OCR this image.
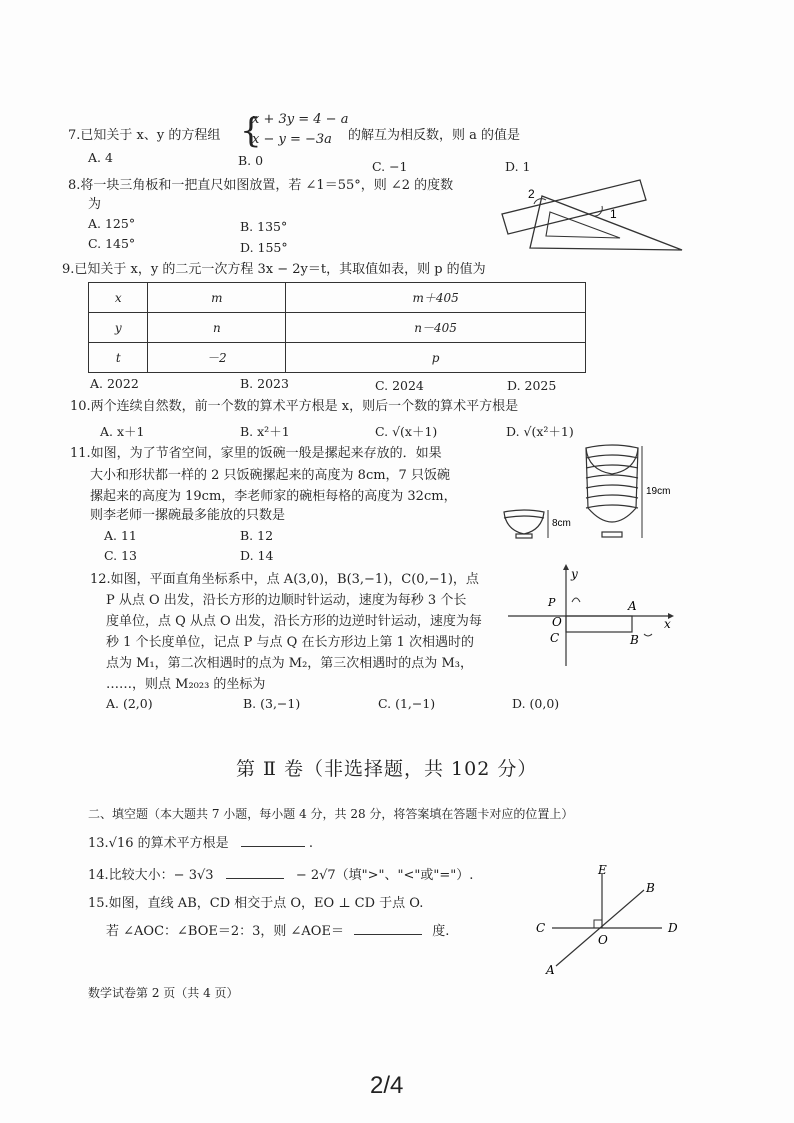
7.已知关于 x、y 的方程组 {
x + 3y = 4 − a
x − y = −3a 的解互为相反数，则 a 的值是
A. 4	B. 0	C. −1	D. 1
8.将一块三角板和一把直尺如图放置，若 ∠1＝55°，则 ∠2 的度数
为
A. 125°	B. 135°
C. 145°	D. 155°
2
1
9.已知关于 x，y 的二元一次方程 3x − 2y＝t，其取值如表，则 p 的值为
x	m	m＋405
y	n	n－405
t	－2	p
A. 2022	B. 2023	C. 2024	D. 2025
10.两个连续自然数，前一个数的算术平方根是 x，则后一个数的算术平方根是
A. x＋1	B. x²＋1	C. √(x＋1)	D. √(x²＋1)
11.如图，为了节省空间，家里的饭碗一般是摞起来存放的．如果
大小和形状都一样的 2 只饭碗摞起来的高度为 8cm，7 只饭碗
摞起来的高度为 19cm，李老师家的碗柜每格的高度为 32cm，
则李老师一摞碗最多能放的只数是
A. 11	B. 12
C. 13	D. 14
8cm
19cm
12.如图，平面直角坐标系中，点 A(3,0)，B(3,−1)，C(0,−1)，点
P 从点 O 出发，沿长方形的边顺时针运动，速度为每秒 3 个长
度单位，点 Q 从点 O 出发，沿长方形的边逆时针运动，速度为每
秒 1 个长度单位，记点 P 与点 Q 在长方形边上第 1 次相遇时的
点为 M₁，第二次相遇时的点为 M₂，第三次相遇时的点为 M₃，
……，则点 M₂₀₂₃ 的坐标为
A. (2,0)	B. (3,−1)	C. (1,−1)	D. (0,0)
y
x
P
O
C
A
B
第 Ⅱ 卷（非选择题，共 102 分）
二、填空题（本大题共 7 小题，每小题 4 分，共 28 分，将答案填在答题卡对应的位置上）
13.√16 的算术平方根是	.
14.比较大小：− 3√3	− 2√7（填">"、"<"或"="）.
15.如图，直线 AB，CD 相交于点 O，EO ⊥ CD 于点 O.
若 ∠AOC：∠BOE＝2：3，则 ∠AOE＝	度.
E
B
C
O
D
A
数学试卷第 2 页（共 4 页）
2/4
